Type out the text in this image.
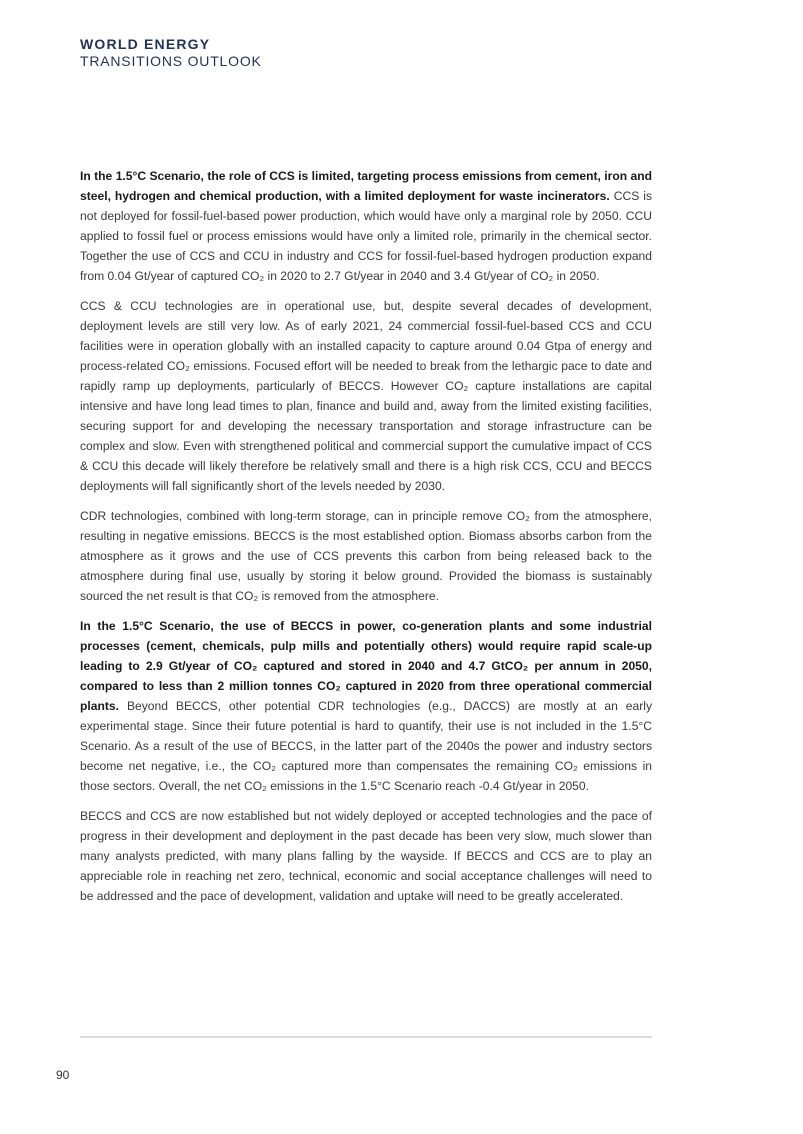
WORLD ENERGY
TRANSITIONS OUTLOOK

In the 1.5°C Scenario, the role of CCS is limited, targeting process emissions from cement, iron and steel, hydrogen and chemical production, with a limited deployment for waste incinerators. CCS is not deployed for fossil-fuel-based power production, which would have only a marginal role by 2050. CCU applied to fossil fuel or process emissions would have only a limited role, primarily in the chemical sector. Together the use of CCS and CCU in industry and CCS for fossil-fuel-based hydrogen production expand from 0.04 Gt/year of captured CO₂ in 2020 to 2.7 Gt/year in 2040 and 3.4 Gt/year of CO₂ in 2050.

CCS & CCU technologies are in operational use, but, despite several decades of development, deployment levels are still very low. As of early 2021, 24 commercial fossil-fuel-based CCS and CCU facilities were in operation globally with an installed capacity to capture around 0.04 Gtpa of energy and process-related CO₂ emissions. Focused effort will be needed to break from the lethargic pace to date and rapidly ramp up deployments, particularly of BECCS. However CO₂ capture installations are capital intensive and have long lead times to plan, finance and build and, away from the limited existing facilities, securing support for and developing the necessary transportation and storage infrastructure can be complex and slow. Even with strengthened political and commercial support the cumulative impact of CCS & CCU this decade will likely therefore be relatively small and there is a high risk CCS, CCU and BECCS deployments will fall significantly short of the levels needed by 2030.

CDR technologies, combined with long-term storage, can in principle remove CO₂ from the atmosphere, resulting in negative emissions. BECCS is the most established option. Biomass absorbs carbon from the atmosphere as it grows and the use of CCS prevents this carbon from being released back to the atmosphere during final use, usually by storing it below ground. Provided the biomass is sustainably sourced the net result is that CO₂ is removed from the atmosphere.

In the 1.5°C Scenario, the use of BECCS in power, co-generation plants and some industrial processes (cement, chemicals, pulp mills and potentially others) would require rapid scale-up leading to 2.9 Gt/year of CO₂ captured and stored in 2040 and 4.7 GtCO₂ per annum in 2050, compared to less than 2 million tonnes CO₂ captured in 2020 from three operational commercial plants. Beyond BECCS, other potential CDR technologies (e.g., DACCS) are mostly at an early experimental stage. Since their future potential is hard to quantify, their use is not included in the 1.5°C Scenario. As a result of the use of BECCS, in the latter part of the 2040s the power and industry sectors become net negative, i.e., the CO₂ captured more than compensates the remaining CO₂ emissions in those sectors. Overall, the net CO₂ emissions in the 1.5°C Scenario reach -0.4 Gt/year in 2050.

BECCS and CCS are now established but not widely deployed or accepted technologies and the pace of progress in their development and deployment in the past decade has been very slow, much slower than many analysts predicted, with many plans falling by the wayside. If BECCS and CCS are to play an appreciable role in reaching net zero, technical, economic and social acceptance challenges will need to be addressed and the pace of development, validation and uptake will need to be greatly accelerated.

90
